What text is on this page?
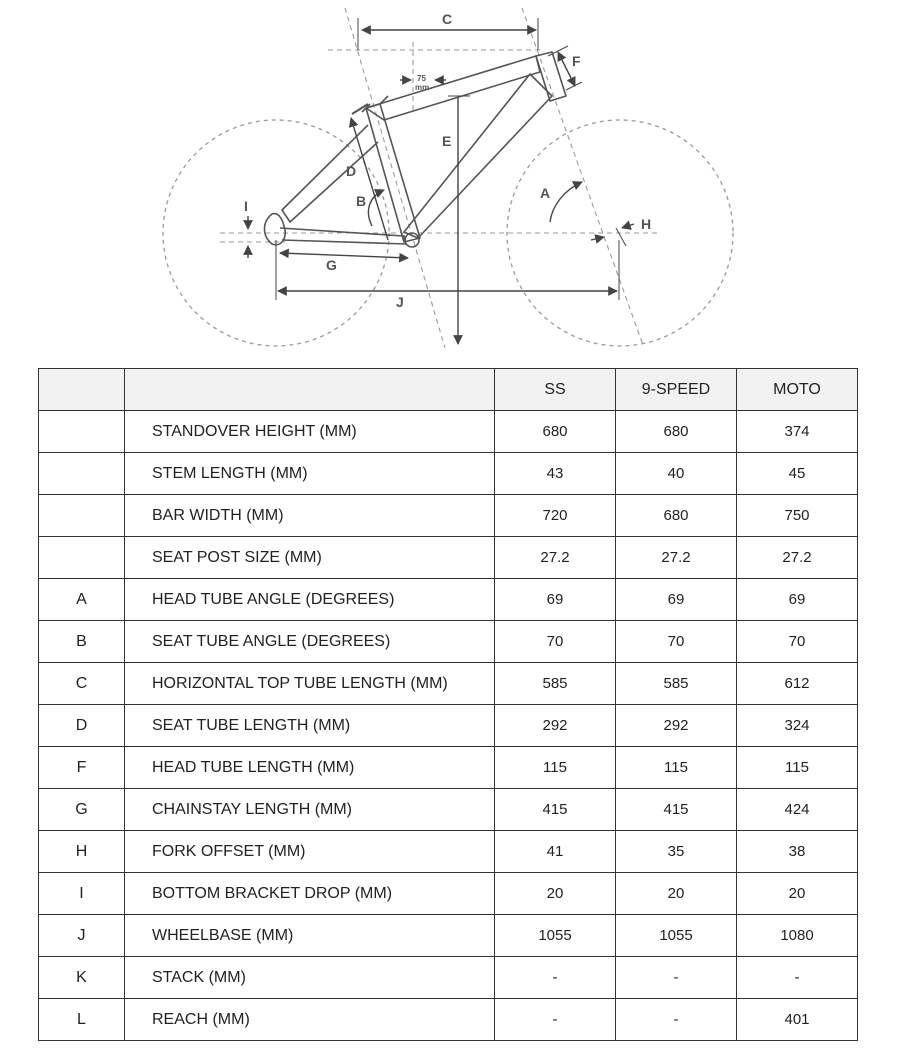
C
F
E
D
B	A
H
I
G
J
75
mm
		SS	9-SPEED	MOTO
	STANDOVER HEIGHT (MM)	680	680	374
	STEM LENGTH (MM)	43	40	45
	BAR WIDTH (MM)	720	680	750
	SEAT POST SIZE (MM)	27.2	27.2	27.2
A	HEAD TUBE ANGLE (DEGREES)	69	69	69
B	SEAT TUBE ANGLE (DEGREES)	70	70	70
C	HORIZONTAL TOP TUBE LENGTH (MM)	585	585	612
D	SEAT TUBE LENGTH (MM)	292	292	324
F	HEAD TUBE LENGTH (MM)	115	115	115
G	CHAINSTAY LENGTH (MM)	415	415	424
H	FORK OFFSET (MM)	41	35	38
I	BOTTOM BRACKET DROP (MM)	20	20	20
J	WHEELBASE (MM)	1055	1055	1080
K	STACK (MM)	-	-	-
L	REACH (MM)	-	-	401
